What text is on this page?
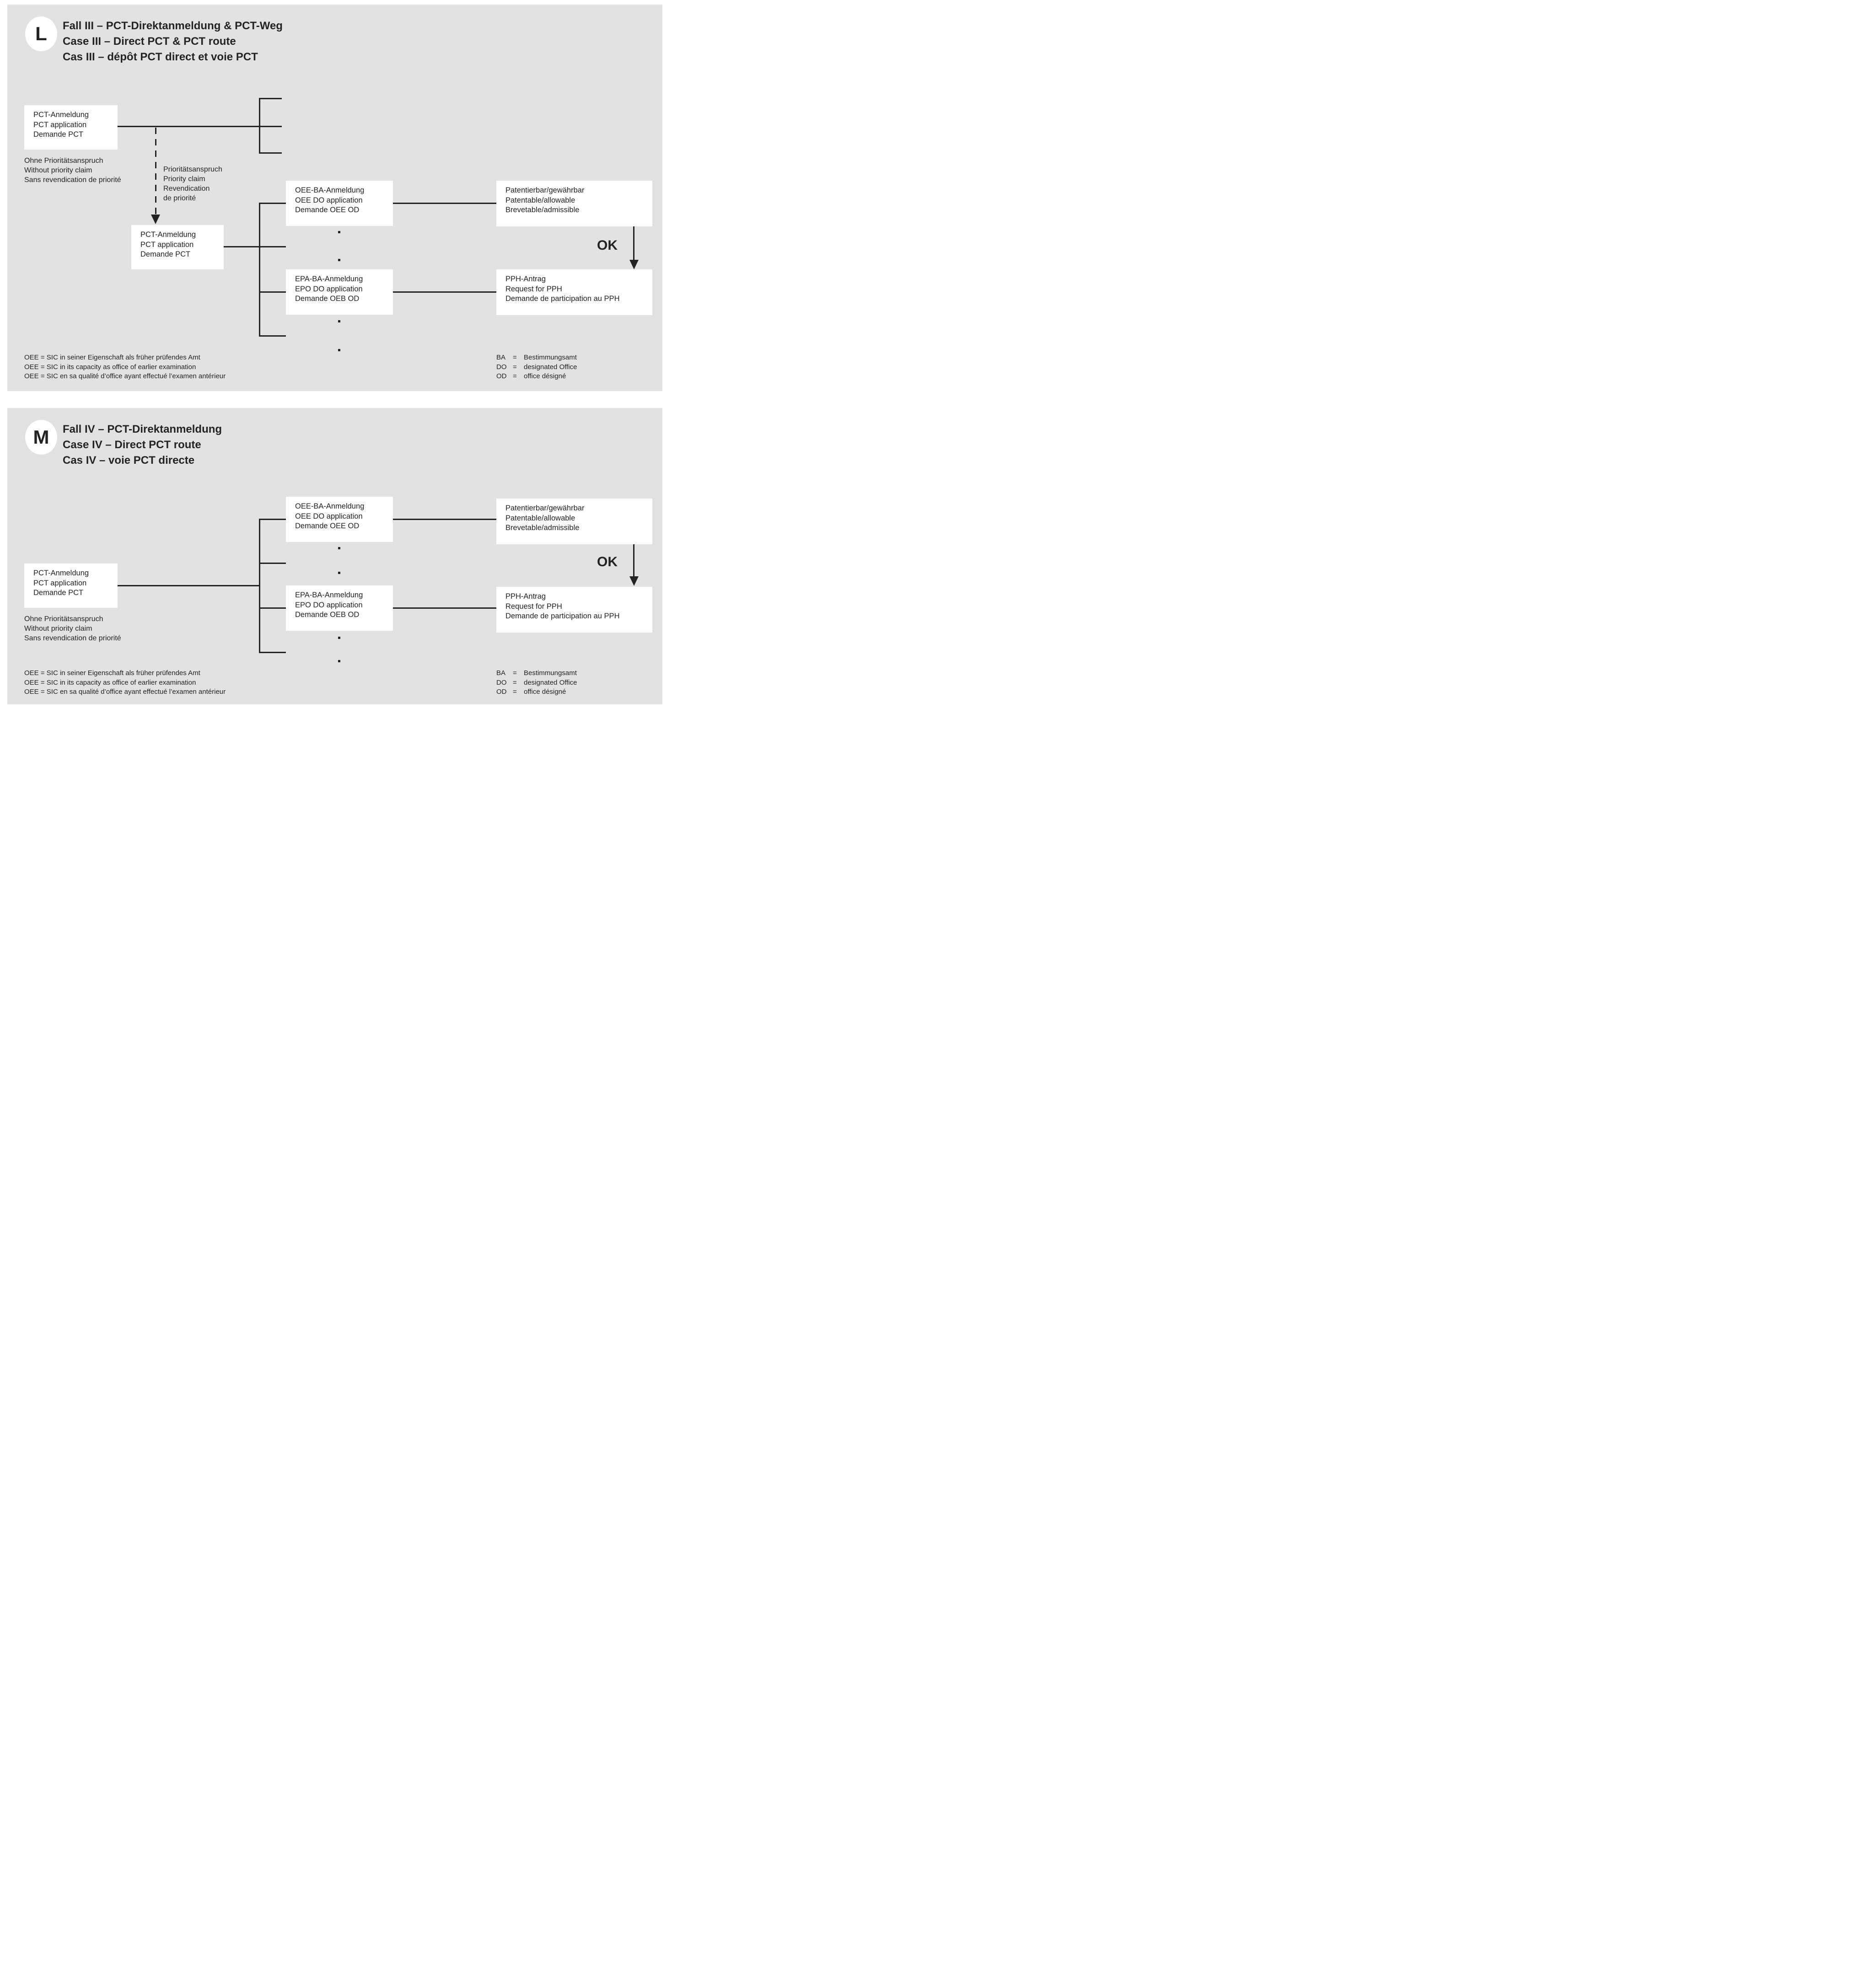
L Fall III – PCT-Direktanmeldung & PCT-Weg
Case III – Direct PCT & PCT route
Cas III – dépôt PCT direct et voie PCT
PCT-Anmeldung
PCT application
Demande PCT
Ohne Prioritätsanspruch
Without priority claim
Sans revendication de priorité
Prioritätsanspruch
Priority claim
Revendication
de priorité
PCT-Anmeldung
PCT application
Demande PCT
OEE-BA-Anmeldung
OEE DO application
Demande OEE OD
EPA-BA-Anmeldung
EPO DO application
Demande OEB OD
Patentierbar/gewährbar
Patentable/allowable
Brevetable/admissible
OK
PPH-Antrag
Request for PPH
Demande de participation au PPH
OEE = SIC in seiner Eigenschaft als früher prüfendes Amt
OEE = SIC in its capacity as office of earlier examination
OEE = SIC en sa qualité d’office ayant effectué l’examen antérieur
BA	=	Bestimmungsamt
DO =	designated Office
OD =	office désigné
M Fall IV – PCT-Direktanmeldung
Case IV – Direct PCT route
Cas IV – voie PCT directe
PCT-Anmeldung
PCT application
Demande PCT
Ohne Prioritätsanspruch
Without priority claim
Sans revendication de priorité
OEE-BA-Anmeldung
OEE DO application
Demande OEE OD
EPA-BA-Anmeldung
EPO DO application
Demande OEB OD
Patentierbar/gewährbar
Patentable/allowable
Brevetable/admissible
OK
PPH-Antrag
Request for PPH
Demande de participation au PPH
OEE = SIC in seiner Eigenschaft als früher prüfendes Amt
OEE = SIC in its capacity as office of earlier examination
OEE = SIC en sa qualité d’office ayant effectué l’examen antérieur
BA	=	Bestimmungsamt
DO =	designated Office
OD =	office désigné
